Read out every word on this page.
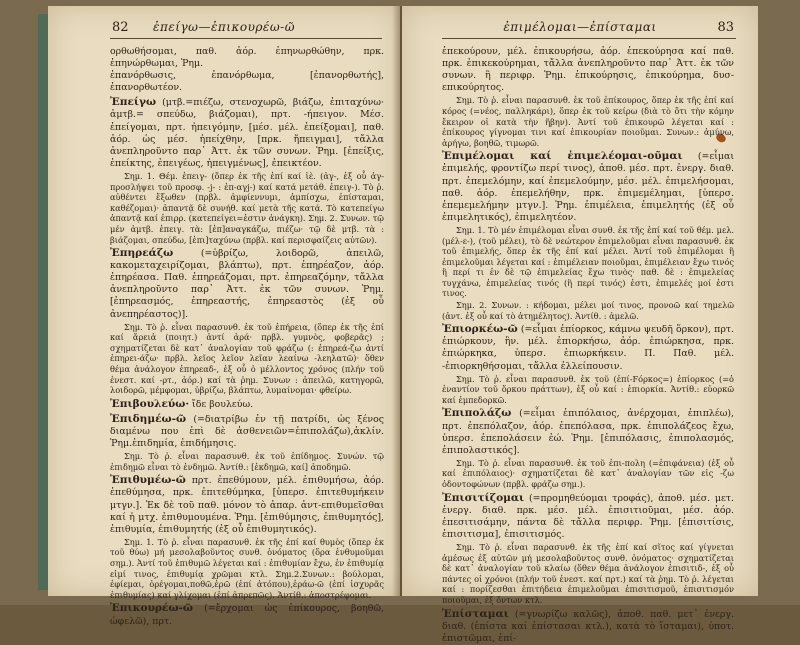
82	ἐπείγω—ἐπικουρέω-ῶ

ορθωθήσομαι, παθ. ἀόρ. ἐπηνωρθώθην, πρκ. ἐπηνώρθωμαι, Ῥημ.

ἐπανόρθωσις, ἐπανόρθωμα, [ἐπανορθωτής], ἐπανορθωτέον.

Ἐπείγω (μτβ.=πιέζω, στενοχωρῶ, βιάζω, ἐπιταχύνω· ἀμτβ.= σπεύδω, βιάζομαι), πρτ. -ήπειγον. Μέσ. ἐπείγομαι, πρτ. ἠπειγόμην, [μέσ. μέλ. ἐπείξομαι], παθ. ἀόρ. ὡς μέσ. ἠπείχθην, [πρκ. ἤπειγμαι], τἄλλα ἀνεπληροῦντο παρ᾽ Ἀττ. ἐκ τῶν συνων. Ῥημ. [ἐπείξις, ἐπείκτης, ἐπειγέως, ἠπειγμένως], ἐπεικτέον.

Σημ. 1. Θέμ. ἐπειγ- (ὅπερ ἐκ τῆς ἐπί καί ἰὲ. (ἀγ-, ἐξ οὗ ἀγ- προσλήψει τοῦ προσφ. -j- : ἐπ-αγj-) καί κατά μετάθ. ἐπειγ-). Τὸ ῥ. αὐθέντει ἔξωθεν (πρβλ. ἀμφίεννυμι, ἀμπίσχω, ἐπίσταμαι, καθέζομαι)· ἀπαντᾷ δὲ συνήθ. καί μετὰ τῆς κατά. Τὸ κατεπείγω ἀπαντᾷ καί ἐπιρρ. (κατεπείγει=ἐστιν ἀνάγκη). Σημ. 2. Συνων. τῷ μέν ἀμτβ. ἐπειγ. τὰ: [ἐπ]αναγκάζω, πιέζω· τῷ δὲ μτβ. τὰ : βιάζομαι, σπεύδω, [ἐπι]ταχύνω (πρβλ. καί περισφαίζεις αὐτῶν).

Ἐπηρεάζω	(=ὑβρίζω, λοιδορῶ, ἀπειλῶ, κακομεταχειρίζομαι, βλάπτω), πρτ. ἐπηρέαζον, ἀόρ. ἐπηρέασα. Παθ. ἐπηρεάζομαι, πρτ. ἐπηρεαζόμην, τἄλλα ἀνεπληροῦντο παρ᾽ Ἀττ. ἐκ τῶν συνων. Ῥημ. [ἐπηρεασμός, ἐπηρεαστής, ἐπηρεαστὸς (ἐξ οὗ ἀνεπηρέαστος)].

Σημ. Τὸ ῥ. εἶναι παρασυνθ. ἐκ τοῦ ἐπήρεια, (ὅπερ ἐκ τῆς ἐπί καί ἄρειἁ (ποιητ.) ἀντί ἀρά· πρβλ. γυμνὸς, φοβερᾶς) ; σχηματίζεται δὲ κατ᾽ ἀναλογίαν τοῦ φράζω (: ἐπηρεά-ζω ἀντί ἐπηρει-άζω· πρβλ. λεῖος λεῖον λεῖαν λεαίνω -λεηλατῶ)· ὅθεν θέμα ἀνάλογον ἐπηρεαδ-, ἐξ οὗ ὁ μέλλοντος χρόνος (πλήν τοῦ ἐνεστ. καί -ρτ., ἀόρ.) καί τὰ ῥημ. Συνων : ἀπειλῶ, κατηγορῶ, λοιδορῶ, μέμφομαι, ὑβρίζω, βλάπτω, λυμαίνομαι· φθείρω.

Ἐπιβουλεύω· ἴδε βουλεύω.

Ἐπιδημέω-ῶ (=διατρίβω ἐν τῇ πατρίδι, ὡς ξένος διαμένω που ἐπὶ δὲ ἀσθενειῶν=ἐπιπολάζω),ἀκλίν. Ῥημ.ἐπιδημία, ἐπιδήμησις.

Σημ. Τὸ ῥ. εἶναι παρασυνθ. ἐκ τοῦ ἐπίδημος. Συνών. τῷ ἐπιδημῶ εἶναι τὸ ἐνδημῶ. Ἀντίθ.: [ἐκδημῶ, καί] ἀποδημῶ.

Ἐπιθυμέω-ῶ πρτ. ἐπεθύμουν, μέλ. ἐπιθυμήσω, ἀόρ. ἐπεθύμησα, πρκ. ἐπιτεθύμηκα, [ὑπερσ. ἐπιτεθυμήκειν μτγν.]. Ἐκ δὲ τοῦ παθ. μόνον τὸ ἀπαρ. ἀντ-επιθυμεῖσθαι καί ἡ μτχ. ἐπιθυμουμένα. Ῥημ. [ἐπιθύμησις, ἐπιθυμητός], ἐπιθυμία, ἐπιθυμητής (ἐξ οὗ ἐπιθυμητικός).

Σημ. 1. Τὸ ῥ. εἶναι παρασυνθ. ἐκ τῆς ἐπί καί θυμὸς (ὅπερ ἐκ τοῦ θύω) μή μεσολαβοῦντος συνθ. ὀνόματος (ὅρα ἐνθυμοῦμαι σημ.). Ἀντί τοῦ ἐπιθυμῶ λέγεται καί : ἐπιθυμίαν ἔχω, ἐν ἐπιθυμίᾳ εἰμί τινος, ἐπιθυμίᾳ χρῶμαι κτλ. Σημ.2.Συνων.: βούλομαι, ἐφίεμαι, ὀρέγομαι,ποθῶ,ἐρῶ (ἐπί ἀτόπου),ἐράω-ῶ (ἐπί ἰσχυρᾶς ἐπιθυμίας) καί γλίχομαι (ἐπί ἀπρεπῶς). Ἀντίθ.: ἀποστρέφομαι.

Ἐπικουρέω-ῶ (=ἔρχομαι ὡς ἐπίκουρος, βοηθῶ, ὠφελῶ), πρτ.

ἐπιμέλομαι—ἐπίσταμαι	83

ἐπεκούρουν, μέλ. ἐπικουρήσω, ἀόρ. ἐπεκούρησα καί παθ. πρκ. ἐπικεκούρημαι, τἄλλα ἀνεπληροῦντο παρ᾽ Ἀττ. ἐκ τῶν συνων. ἢ περιφρ. Ῥημ. ἐπικούρησις, ἐπικούρημα, δυσ-επικούρητος.

Σημ. Τὸ ῥ. εἶναι παρασυνθ. ἐκ τοῦ ἐπίκουρος, ὅπερ ἐκ τῆς ἐπί καί κόρος (=νέος, παλληκάρι), ὅπερ ἐκ τοῦ κείρω (διὰ τὸ ὅτι τὴν κόμην ἔκειρον οἱ κατὰ τὴν ἥβην). Ἀντί τοῦ ἐπικουρῶ λέγεται καί : ἐπίκουρος γίγνομαι τινι καί ἐπικουρίαν ποιοῦμαι. Συνων.: ἀμύνω, ἀρήγω, βοηθῶ, τιμωρῶ.

Ἐπιμέλομαι καί ἐπιμελέομαι-οῦμαι (=εἶμαι ἐπιμελής, φροντίζω περί τινος), ἀποθ. μέσ. πρτ. ἐνεργ. διαθ. πρτ. ἐπεμελόμην, καί ἐπεμελούμην, μέσ. μέλ. ἐπιμελήσομαι, παθ. ἀόρ. ἐπεμελήθην, πρκ. ἐπιμεμέλημαι, [ὑπερσ. ἐπεμεμελήμην μτγν.]. Ῥημ. ἐπιμέλεια, ἐπιμελητής (ἐξ οὗ ἐπιμελητικός), ἐπιμελητέον.

Σημ. 1. Τὸ μέν ἐπιμέλομαι εἶναι συνθ. ἐκ τῆς ἐπί καί τοῦ θέμ. μελ. (μέλ-ε-), (τοῦ μέλει), τὸ δὲ νεώτερον ἐπιμελοῦμαι εἶναι παρασυνθ. ἐκ τοῦ ἐπιμελής, ὅπερ ἐκ τῆς ἐπί καί μέλει. Ἀντί τοῦ ἐπιμέλομαι ἢ ἐπιμελοῦμαι λέγεται καί : ἐπιμέλειαν ποιοῦμαι, ἐπιμέλειαν ἔχω τινός ἢ περί τι ἐν δὲ τῷ ἐπιμελείας ἔχω τινὸς· παθ. δὲ : ἐπιμελείας τυγχάνω, ἐπιμελείας τινός (ἢ περί τινός) ἐστι, ἐπιμελές μοί ἐστι τινος.

Σημ. 2. Συνων. : κήδομαι, μέλει μοί τινος, προνοῶ καί τημελῶ (ἀντ. ἐξ οὗ καί τὸ ἀτημέλητος). Ἀντίθ. : ἀμελῶ.

Ἐπιορκέω-ῶ (=εἶμαι ἐπίορκος, κάμνω ψευδῆ ὅρκον), πρτ. ἐπιώρκουν, ἢν. μέλ. ἐπιορκήσω, ἀόρ. ἐπιώρκησα, πρκ. ἐπιώρκηκα, ὑπερσ. ἐπιωρκήκειν. Π. Παθ. μέλ. -ἐπιορκηθήσομαι, τἄλλα ἐλλείπουσιν.

Σημ. Τὸ ῥ. εἶναι παρασυνθ. ἐκ τοῦ (ἐπί-Ϝόρκος=) ἐπίορκος (=ὁ ἐναντίον τοῦ ὅρκου πράττων), ἐξ οὗ καί : ἐπιορκία. Ἀντίθ.: εὐορκῶ καί ἐμπεδορκῶ.

Ἐπιπολάζω (=εἶμαι ἐπιπόλαιος, ἀνέρχομαι, ἐπιπλέω), πρτ. ἐπεπόλαζον, ἀόρ. ἐπεπόλασα, πρκ. ἐπιπολάζεος ἔχω, ὑπερσ. ἐπεπολάσειν ἐώ. Ῥημ. [ἐπιπόλασις, ἐπιπολασμός, ἐπιπολαστικός].

Σημ. Τὸ ῥ. εἶναι παρασυνθ. ἐκ τοῦ ἐπι-πολη (=ἐπιφάνεια) (ἐξ οὗ καί ἐπιπόλαιος)· σχηματίζεται δὲ κατ᾽ ἀναλογίαν τῶν εἰς -ζω ὀδοντοφώνων (πρβλ. φράζω σημ.).

Ἐπισιτίζομαι (=προμηθεύομαι τροφάς), ἀποθ. μέσ. μετ. ἐνεργ. διαθ. πρκ. μέσ. μέλ. ἐπισιτιοῦμαι, μέσ. ἀόρ. ἐπεσιτισάμην, πάντα δὲ τἄλλα περιφρ. Ῥημ. [ἐπισιτίσις, ἐπισιτισμα], ἐπισιτισμός.

Σημ. Τὸ ῥ. εἶναι παρασυνθ. ἐκ τῆς ἐπί καί σῖτος καί γίγνεται ἀμέσως ἐξ αὐτῶν μή μεσολαβοῦντος συνθ. ὀνόματος· σχηματίζεται δὲ κατ᾽ ἀναλογίαν τοῦ κλαίω (ὅθεν θέμα ἀνάλογον ἐπισιτιδ-, ἐξ οὗ πάντες οἱ χρόνοι (πλήν τοῦ ἐνεστ. καί πρτ.) καί τὰ ῥημ. Τὸ ῥ. λέγεται καί : πορίζεσθαι ἐπιτήδεια ἐπιμελοῦμαι ἐπισιτισμοῦ, ἐπισιτισμόν ποιοῦμαι, ἐξ ὄντων κτλ.

Ἐπίσταμαι (=γνωρίζω καλῶς), ἀποθ. παθ. μετ᾽ ἐνεργ. διαθ. (ἐπίστα καί ἐπίστασαι κτλ.), κατὰ τὸ ἵσταμαι), ὑποτ. ἐπιστῶμαι, ἐπί-
